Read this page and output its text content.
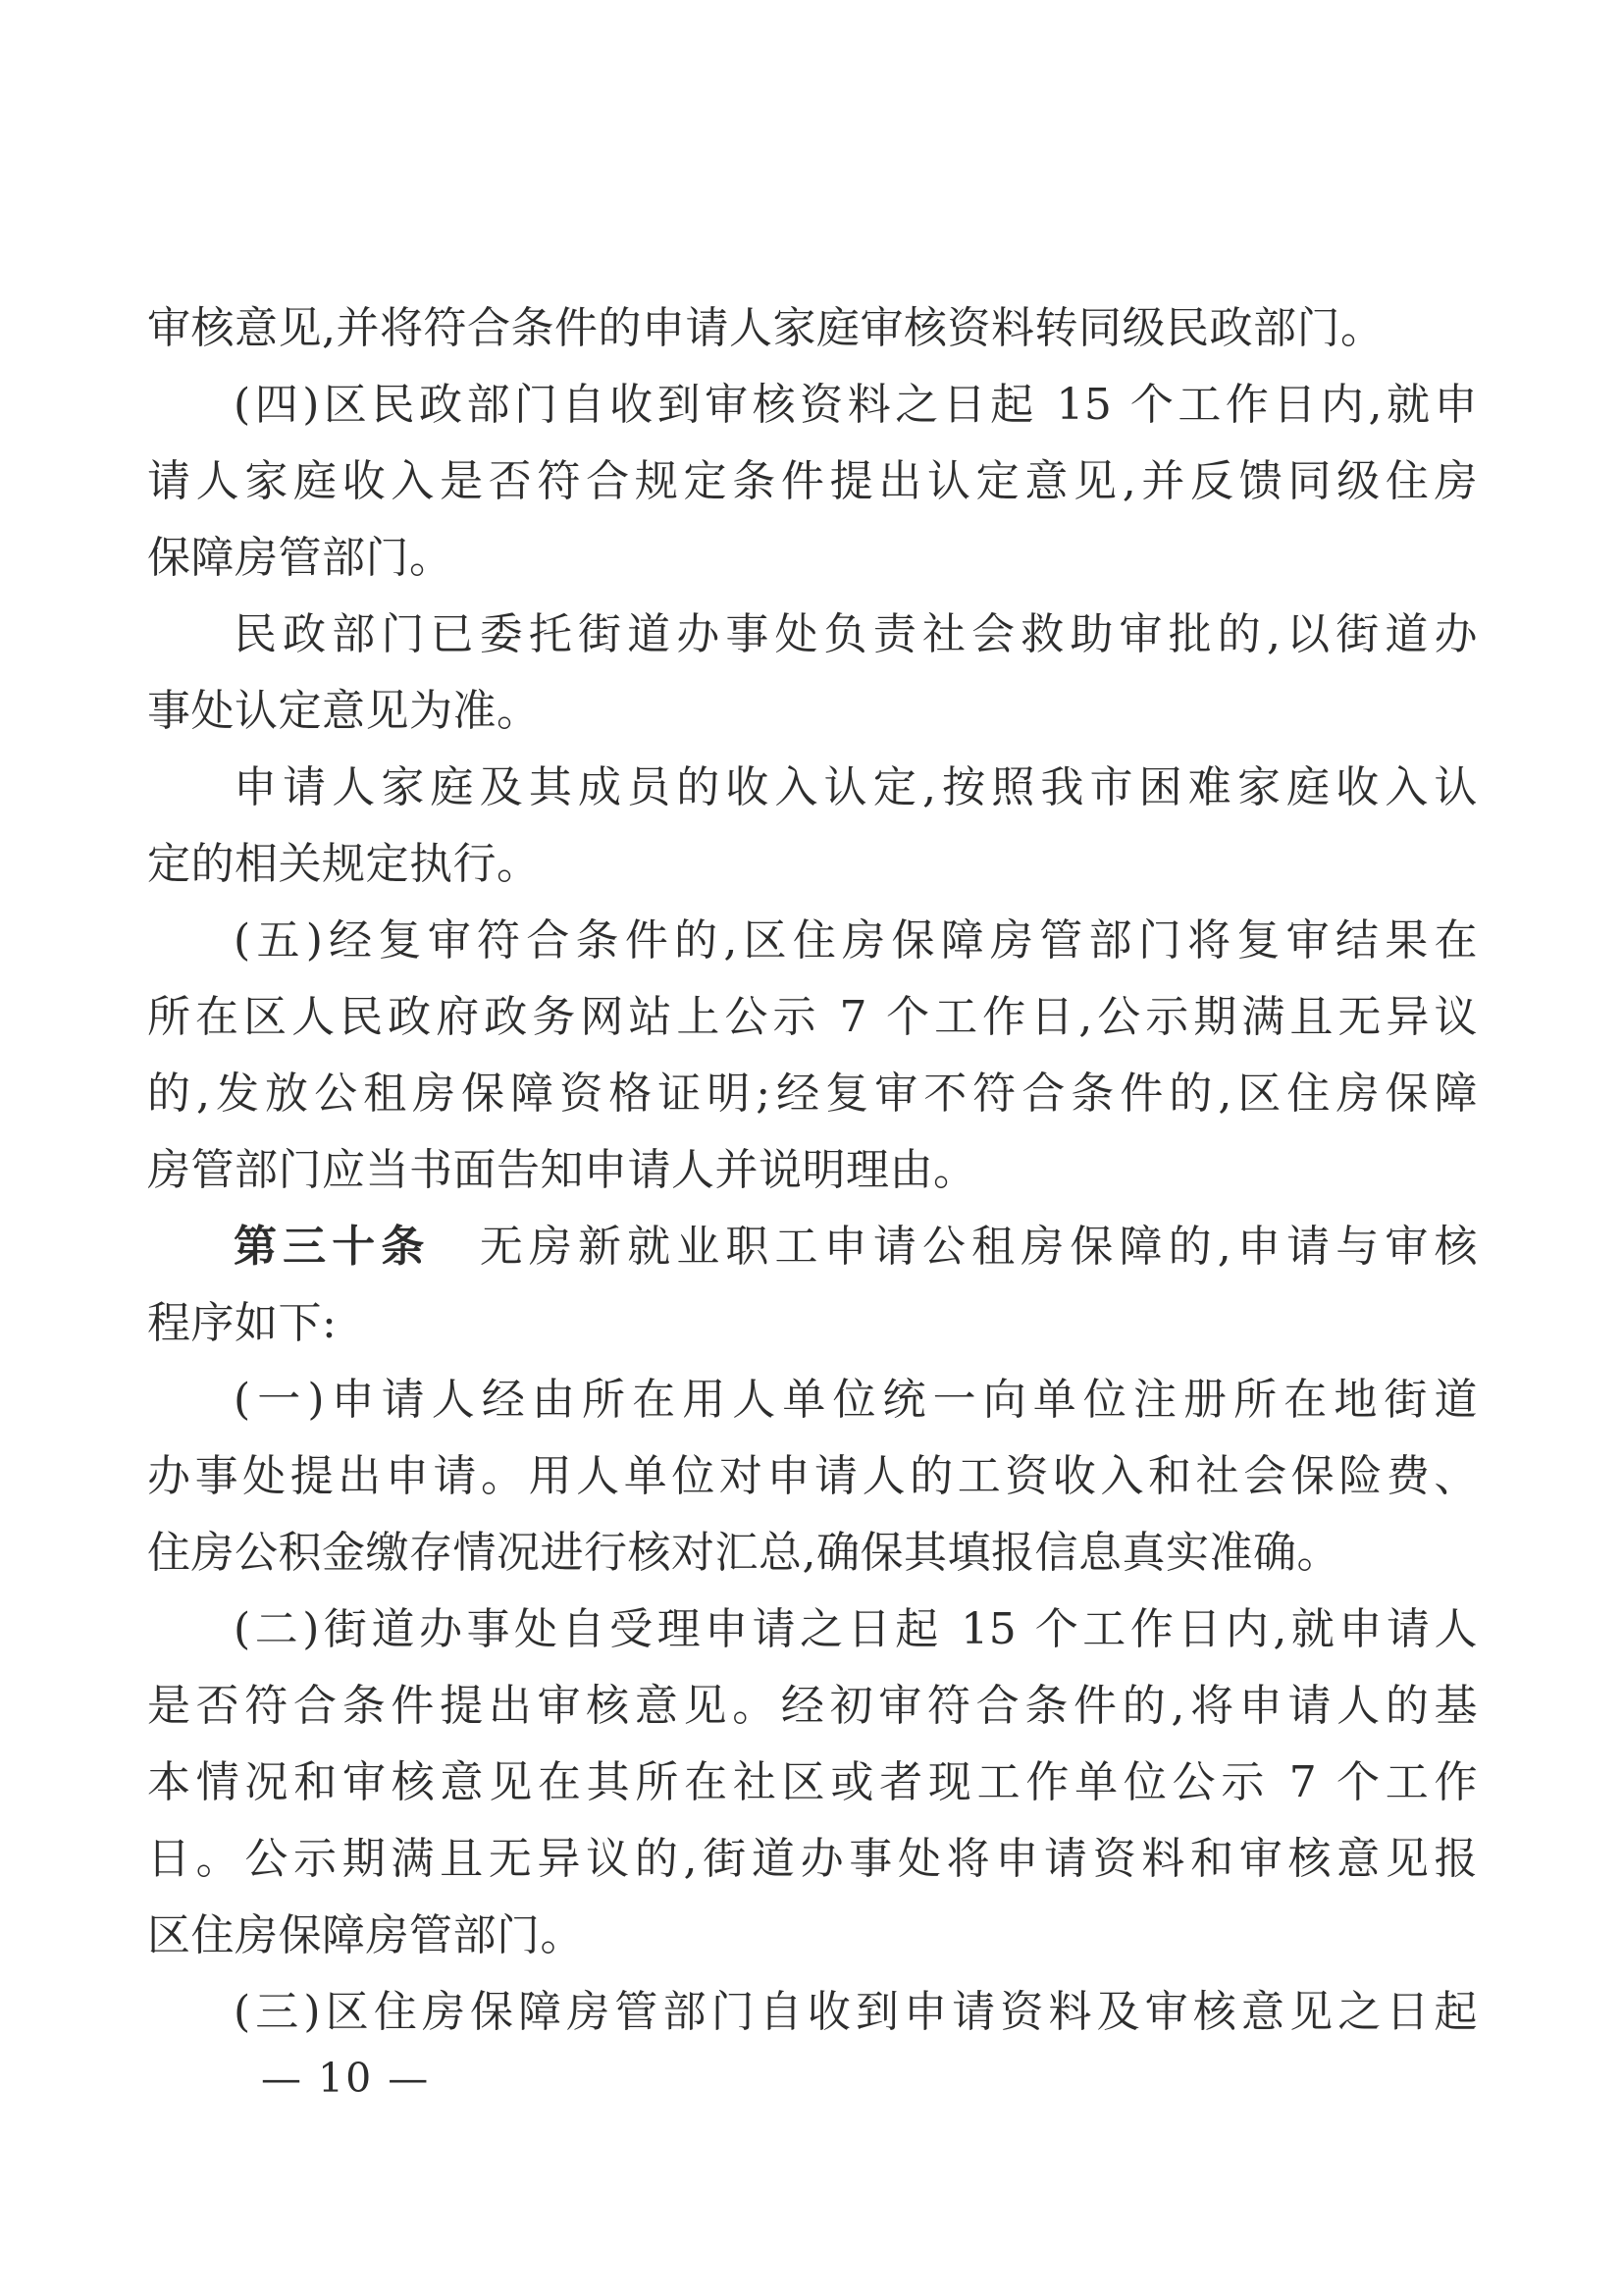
审核意见,并将符合条件的申请人家庭审核资料转同级民政部门。
(四)区民政部门自收到审核资料之日起 15 个工作日内,就申
请人家庭收入是否符合规定条件提出认定意见,并反馈同级住房
保障房管部门。
民政部门已委托街道办事处负责社会救助审批的,以街道办
事处认定意见为准。
申请人家庭及其成员的收入认定,按照我市困难家庭收入认
定的相关规定执行。
(五)经复审符合条件的,区住房保障房管部门将复审结果在
所在区人民政府政务网站上公示 7 个工作日,公示期满且无异议
的,发放公租房保障资格证明;经复审不符合条件的,区住房保障
房管部门应当书面告知申请人并说明理由。
第三十条　无房新就业职工申请公租房保障的,申请与审核
程序如下:
(一)申请人经由所在用人单位统一向单位注册所在地街道
办事处提出申请。用人单位对申请人的工资收入和社会保险费、
住房公积金缴存情况进行核对汇总,确保其填报信息真实准确。
(二)街道办事处自受理申请之日起 15 个工作日内,就申请人
是否符合条件提出审核意见。经初审符合条件的,将申请人的基
本情况和审核意见在其所在社区或者现工作单位公示 7 个工作
日。公示期满且无异议的,街道办事处将申请资料和审核意见报
区住房保障房管部门。
(三)区住房保障房管部门自收到申请资料及审核意见之日起
— 10 —
